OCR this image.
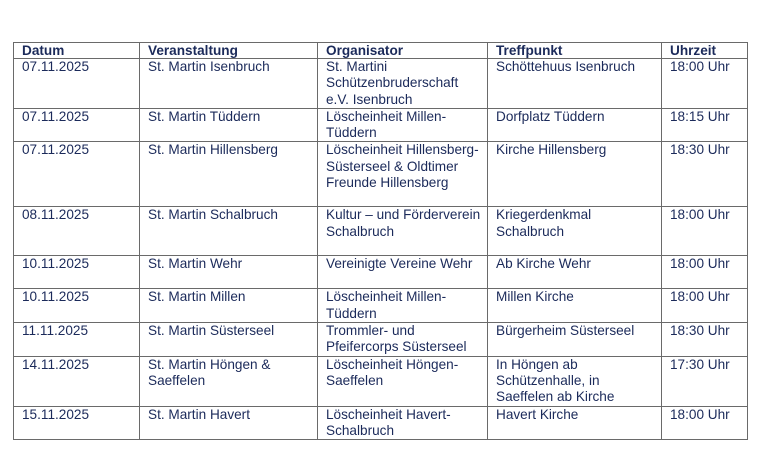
Datum	Veranstaltung	Organisator	Treffpunkt	Uhrzeit
07.11.2025	St. Martin Isenbruch	St. Martini Schützenbruderschaft e.V. Isenbruch	Schöttehuus Isenbruch	18:00 Uhr
07.11.2025	St. Martin Tüddern	Löscheinheit Millen-Tüddern	Dorfplatz Tüddern	18:15 Uhr
07.11.2025	St. Martin Hillensberg	Löscheinheit Hillensberg-Süsterseel & Oldtimer Freunde Hillensberg	Kirche Hillensberg	18:30 Uhr
08.11.2025	St. Martin Schalbruch	Kultur – und Förderverein Schalbruch	Kriegerdenkmal Schalbruch	18:00 Uhr
10.11.2025	St. Martin Wehr	Vereinigte Vereine Wehr	Ab Kirche Wehr	18:00 Uhr
10.11.2025	St. Martin Millen	Löscheinheit Millen-Tüddern	Millen Kirche	18:00 Uhr
11.11.2025	St. Martin Süsterseel	Trommler- und Pfeifercorps Süsterseel	Bürgerheim Süsterseel	18:30 Uhr
14.11.2025	St. Martin Höngen & Saeffelen	Löscheinheit Höngen-Saeffelen	In Höngen ab Schützenhalle, in Saeffelen ab Kirche	17:30 Uhr
15.11.2025	St. Martin Havert	Löscheinheit Havert-Schalbruch	Havert Kirche	18:00 Uhr
